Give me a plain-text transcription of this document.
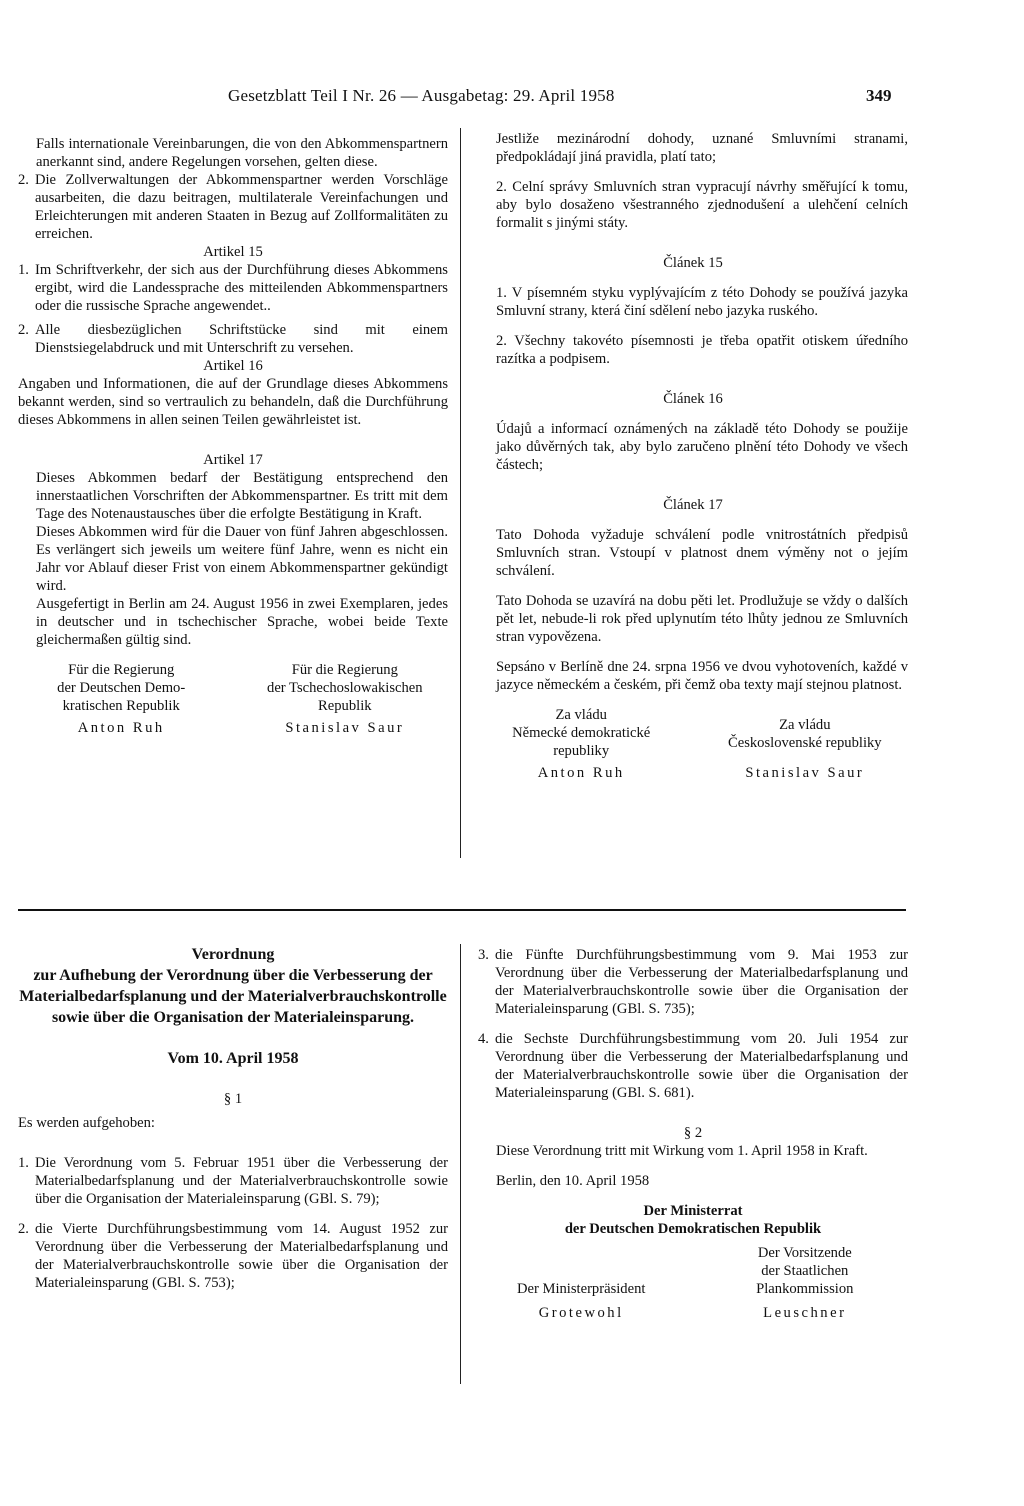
Gesetzblatt Teil I Nr. 26 — Ausgabetag: 29. April 1958	349

Falls internationale Vereinbarungen, die von den Abkommenspartnern anerkannt sind, andere Regelungen vorsehen, gelten diese.

2. Die Zollverwaltungen der Abkommenspartner werden Vorschläge ausarbeiten, die dazu beitragen, multilaterale Vereinfachungen und Erleichterungen mit anderen Staaten in Bezug auf Zollformalitäten zu erreichen.

Artikel 15

1. Im Schriftverkehr, der sich aus der Durchführung dieses Abkommens ergibt, wird die Landessprache des mitteilenden Abkommenspartners oder die russische Sprache angewendet..
2. Alle diesbezüglichen Schriftstücke sind mit einem Dienstsiegelabdruck und mit Unterschrift zu versehen.

Artikel 16

Angaben und Informationen, die auf der Grundlage dieses Abkommens bekannt werden, sind so vertraulich zu behandeln, daß die Durchführung dieses Abkommens in allen seinen Teilen gewährleistet ist.

Artikel 17

Dieses Abkommen bedarf der Bestätigung entsprechend den innerstaatlichen Vorschriften der Abkommenspartner. Es tritt mit dem Tage des Notenaustausches über die erfolgte Bestätigung in Kraft.

Dieses Abkommen wird für die Dauer von fünf Jahren abgeschlossen. Es verlängert sich jeweils um weitere fünf Jahre, wenn es nicht ein Jahr vor Ablauf dieser Frist von einem Abkommenspartner gekündigt wird.

Ausgefertigt in Berlin am 24. August 1956 in zwei Exemplaren, jedes in deutscher und in tschechischer Sprache, wobei beide Texte gleichermaßen gültig sind.

Für die Regierung
der Deutschen Demo-
kratischen Republik
Anton Ruh
Für die Regierung
der Tschechoslowakischen
Republik
Stanislav Saur

Jestliže mezinárodní dohody, uznané Smluvními stranami, předpokládají jiná pravidla, platí tato;

2. Celní správy Smluvních stran vypracují návrhy směřující k tomu, aby bylo dosaženo všestranného zjednodušení a ulehčení celních formalit s jinými státy.

Článek 15

1. V písemném styku vyplývajícím z této Dohody se používá jazyka Smluvní strany, která činí sdělení nebo jazyka ruského.

2. Všechny takovéto písemnosti je třeba opatřit otiskem úředního razítka a podpisem.

Článek 16

Údajů a informací oznámených na základě této Dohody se použije jako důvěrných tak, aby bylo zaručeno plnění této Dohody ve všech částech;

Článek 17

Tato Dohoda vyžaduje schválení podle vnitrostátních předpisů Smluvních stran. Vstoupí v platnost dnem výměny not o jejím schválení.

Tato Dohoda se uzavírá na dobu pěti let. Prodlužuje se vždy o dalších pět let, nebude-li rok před uplynutím této lhůty jednou ze Smluvních stran vypovězena.

Sepsáno v Berlíně dne 24. srpna 1956 ve dvou vyhotoveních, každé v jazyce německém a českém, při čemž oba texty mají stejnou platnost.

Za vládu
Německé demokratické
republiky
Anton Ruh
Za vládu
Československé republiky
Stanislav Saur
Verordnung
zur Aufhebung der Verordnung über die Verbesserung der Materialbedarfsplanung und der Materialverbrauchskontrolle sowie über die Organisation der Materialeinsparung.

Vom 10. April 1958

§ 1

Es werden aufgehoben:

1. Die Verordnung vom 5. Februar 1951 über die Verbesserung der Materialbedarfsplanung und der Materialverbrauchskontrolle sowie über die Organisation der Materialeinsparung (GBl. S. 79);
2. die Vierte Durchführungsbestimmung vom 14. August 1952 zur Verordnung über die Verbesserung der Materialbedarfsplanung und der Materialverbrauchskontrolle sowie über die Organisation der Materialeinsparung (GBl. S. 753);
3. die Fünfte Durchführungsbestimmung vom 9. Mai 1953 zur Verordnung über die Verbesserung der Materialbedarfsplanung und der Materialverbrauchskontrolle sowie über die Organisation der Materialeinsparung (GBl. S. 735);
4. die Sechste Durchführungsbestimmung vom 20. Juli 1954 zur Verordnung über die Verbesserung der Materialbedarfsplanung und der Materialverbrauchskontrolle sowie über die Organisation der Materialeinsparung (GBl. S. 681).

§ 2

Diese Verordnung tritt mit Wirkung vom 1. April 1958 in Kraft.

Berlin, den 10. April 1958

Der Ministerrat

der Deutschen Demokratischen Republik

Der Ministerpräsident
Grotewohl
Der Vorsitzende
der Staatlichen
Plankommission
Leuschner
